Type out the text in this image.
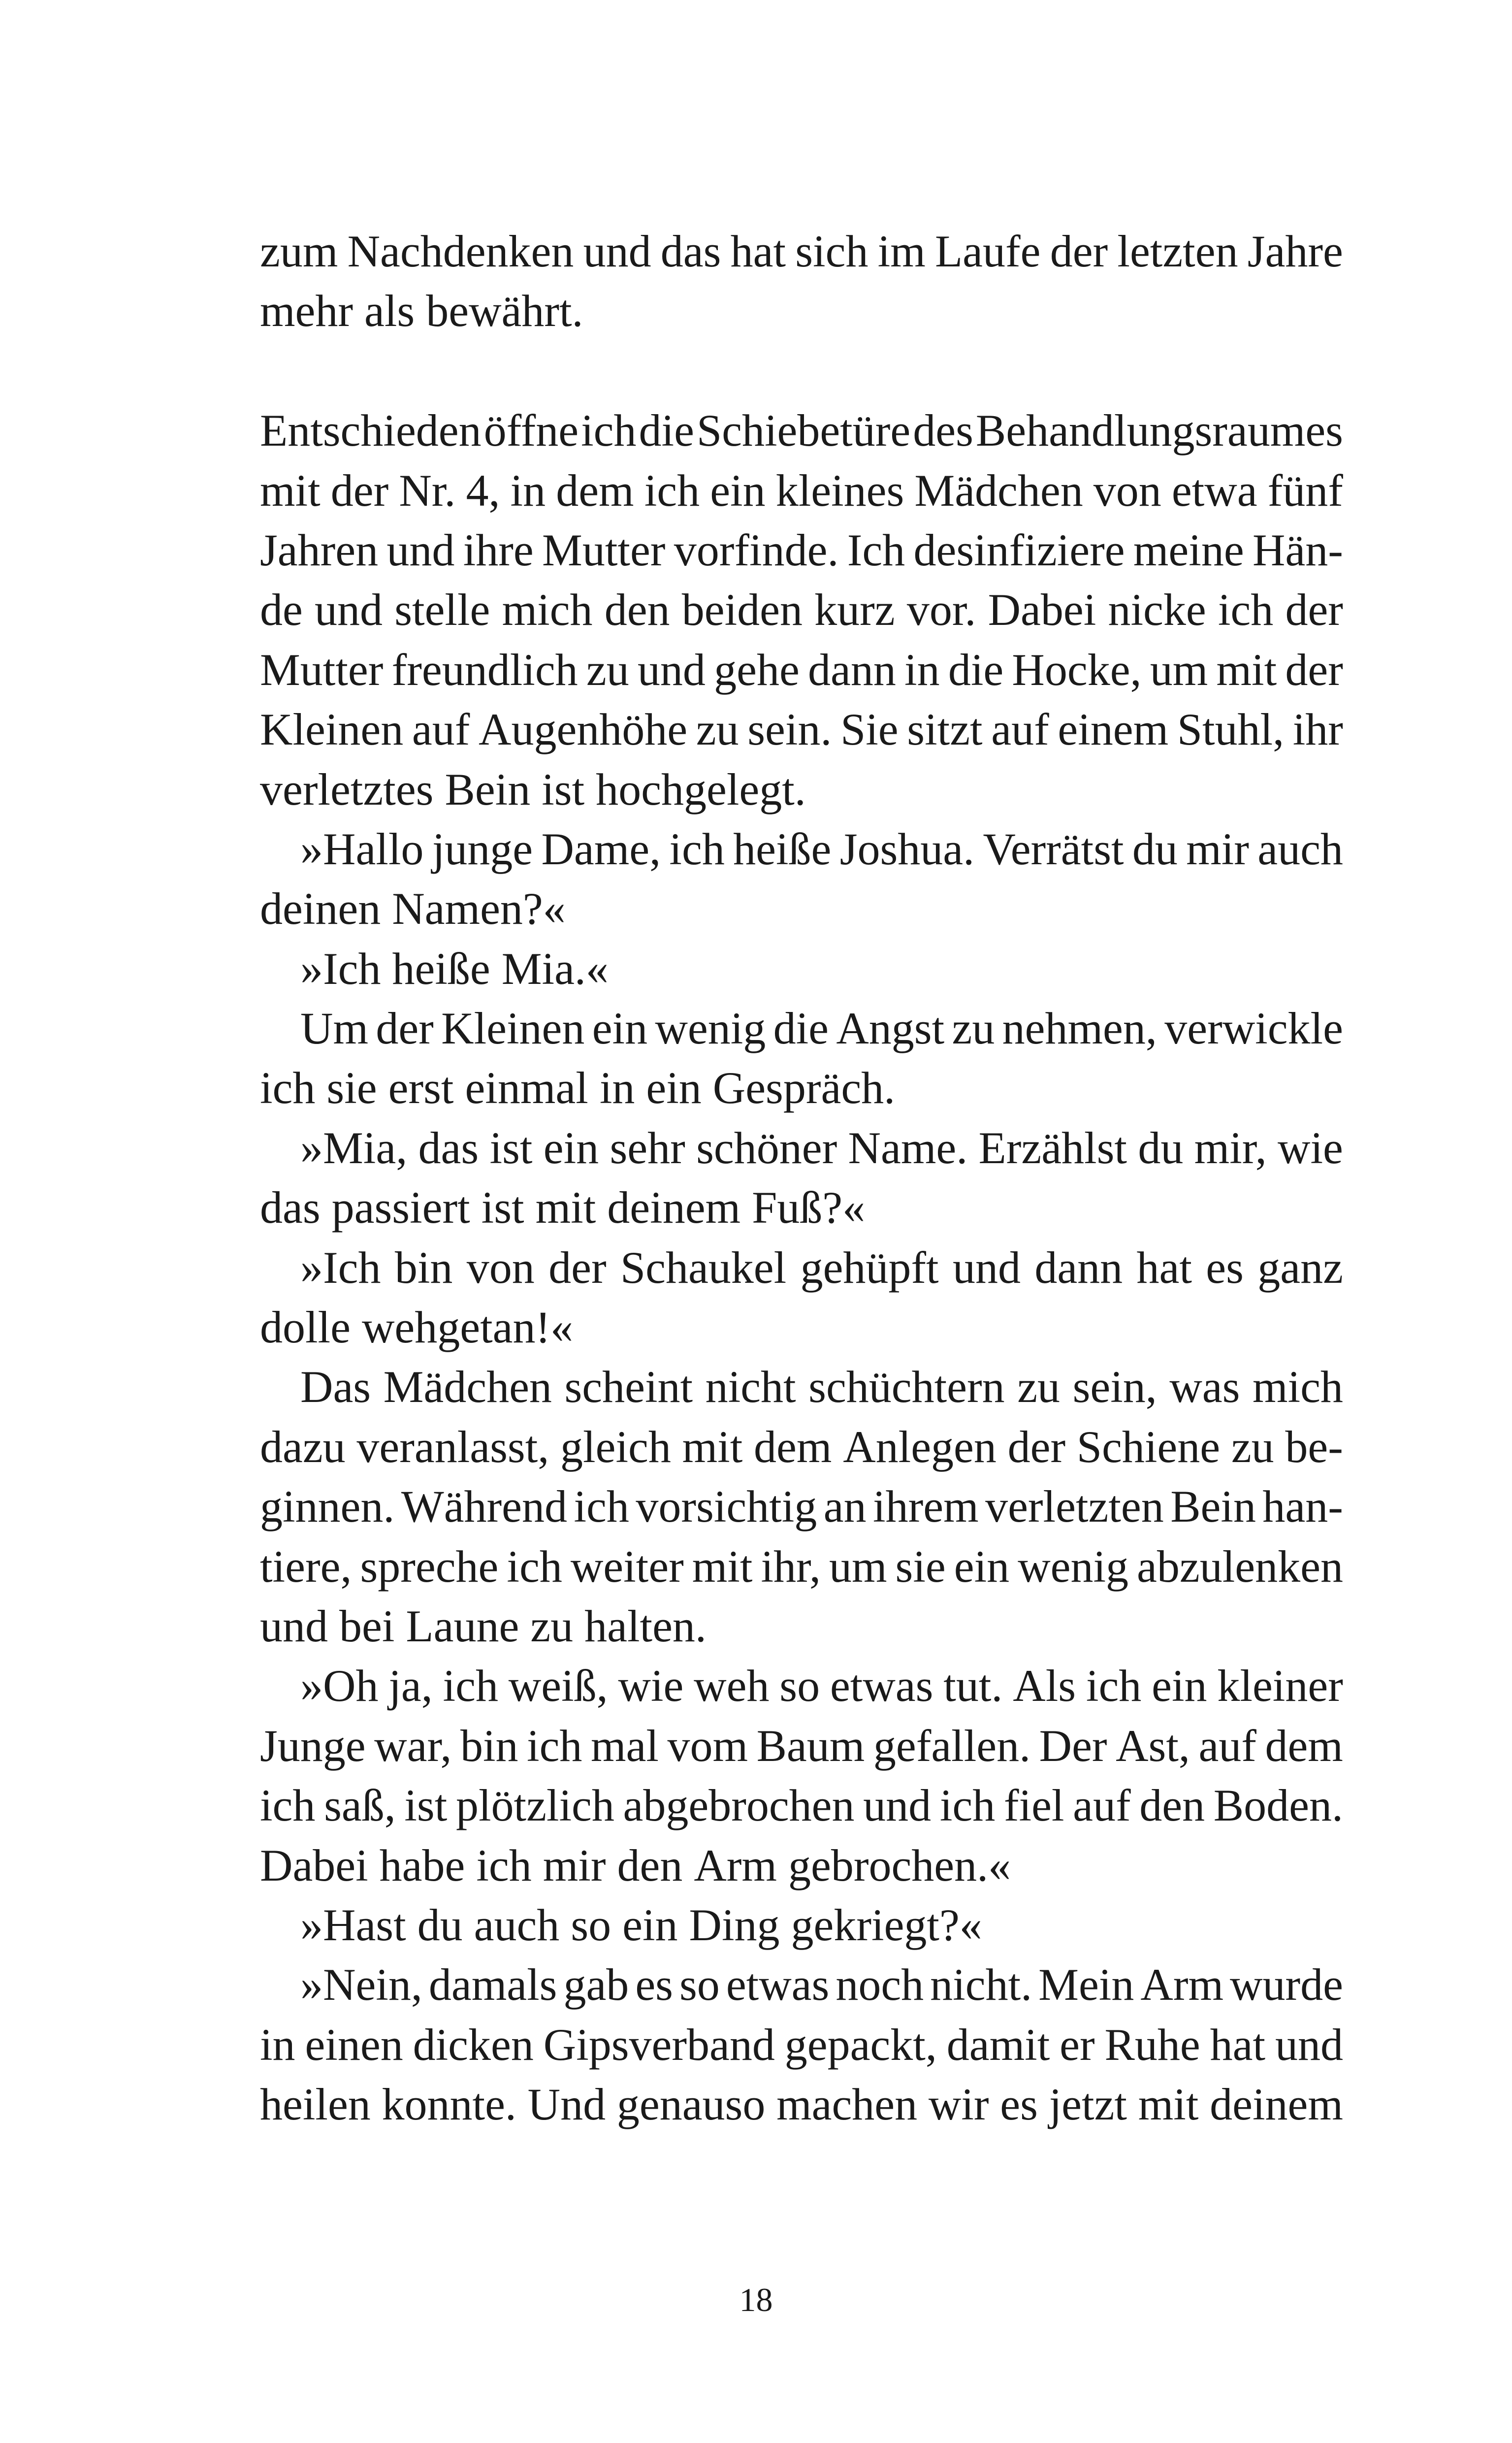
zum Nachdenken und das hat sich im Laufe der letzten Jahre
mehr als bewährt.
Entschieden öffne ich die Schiebetüre des Behandlungsraumes
mit der Nr. 4, in dem ich ein kleines Mädchen von etwa fünf
Jahren und ihre Mutter vorfinde. Ich desinfiziere meine Hän-
de und stelle mich den beiden kurz vor. Dabei nicke ich der
Mutter freundlich zu und gehe dann in die Hocke, um mit der
Kleinen auf Augenhöhe zu sein. Sie sitzt auf einem Stuhl, ihr
verletztes Bein ist hochgelegt.
»Hallo junge Dame, ich heiße Joshua. Verrätst du mir auch
deinen Namen?«
»Ich heiße Mia.«
Um der Kleinen ein wenig die Angst zu nehmen, verwickle
ich sie erst einmal in ein Gespräch.
»Mia, das ist ein sehr schöner Name. Erzählst du mir, wie
das passiert ist mit deinem Fuß?«
»Ich bin von der Schaukel gehüpft und dann hat es ganz
dolle wehgetan!«
Das Mädchen scheint nicht schüchtern zu sein, was mich
dazu veranlasst, gleich mit dem Anlegen der Schiene zu be-
ginnen. Während ich vorsichtig an ihrem verletzten Bein han-
tiere, spreche ich weiter mit ihr, um sie ein wenig abzulenken
und bei Laune zu halten.
»Oh ja, ich weiß, wie weh so etwas tut. Als ich ein kleiner
Junge war, bin ich mal vom Baum gefallen. Der Ast, auf dem
ich saß, ist plötzlich abgebrochen und ich fiel auf den Boden.
Dabei habe ich mir den Arm gebrochen.«
»Hast du auch so ein Ding gekriegt?«
»Nein, damals gab es so etwas noch nicht. Mein Arm wurde
in einen dicken Gipsverband gepackt, damit er Ruhe hat und
heilen konnte. Und genauso machen wir es jetzt mit deinem
18
